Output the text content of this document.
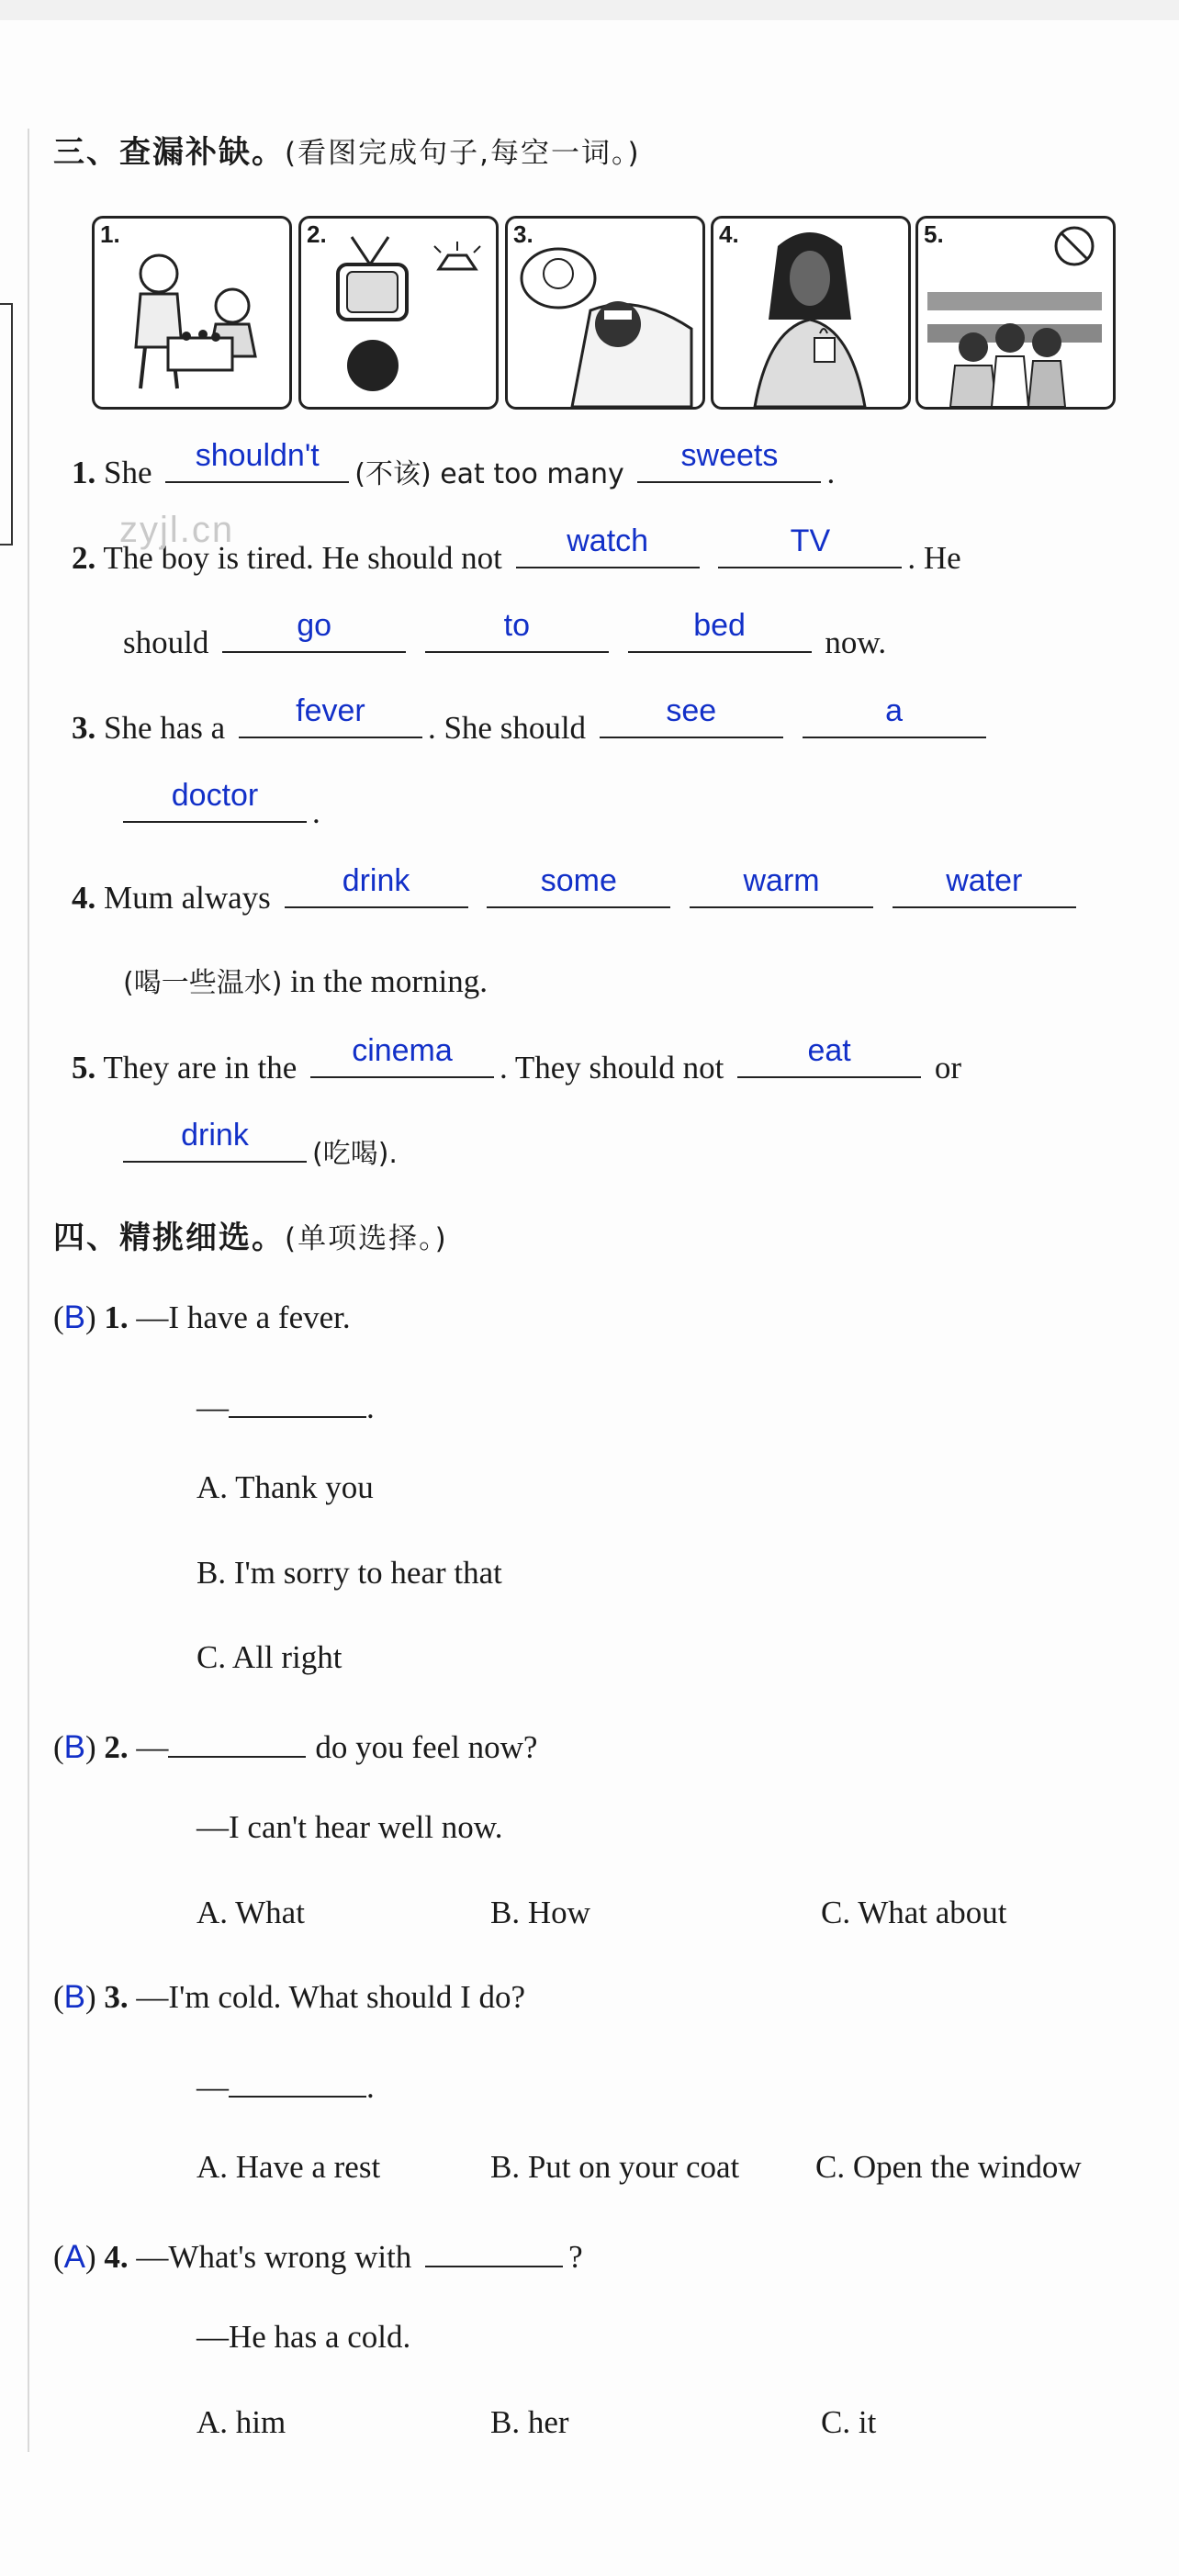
三、查漏补缺。(看图完成句子,每空一词。)
1.	2.	3.	4.	5.
1. She	shouldn't
(不该) eat too many
sweets	.
2. The boy is tired. He should not	watch
	TV	. He
should	go
	to
	bed	now.
3. She has a	fever	. She should	see
	a
doctor	.
4. Mum always	drink
	some
	warm
	water
(喝一些温水) in the morning.
5. They are in the	cinema	. They should not	eat	or
drink
(吃喝).
四、精挑细选。(单项选择。)
(B) 1. —I have a fever.
—	.
A. Thank you
B. I'm sorry to hear that
C. All right
(B) 2. —	do you feel now?
—I can't hear well now.
A. What	B. How	C. What about
(B) 3. —I'm cold. What should I do?
—	.
A. Have a rest	B. Put on your coat C. Open the window
(A) 4. —What's wrong with	?
—He has a cold.
A. him	B. her	C. it
zyjl.cn
